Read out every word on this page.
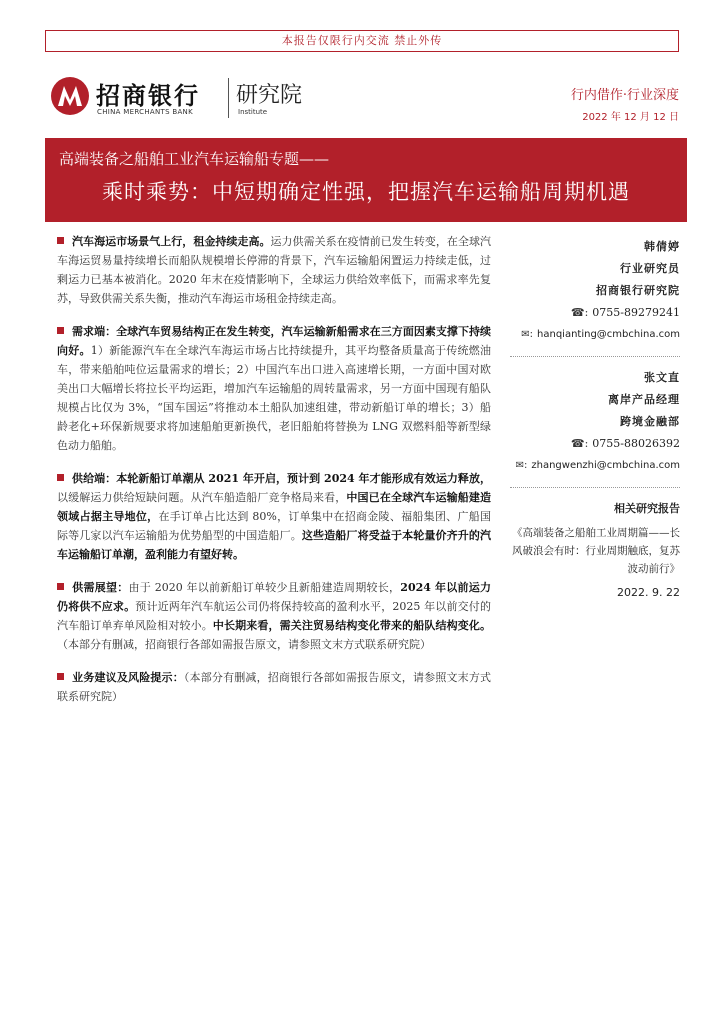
本报告仅限行内交流 禁止外传
招商银行
CHINA MERCHANTS BANK
研究院
Institute
行内借作·行业深度
2022 年 12 月 12 日
高端装备之船舶工业汽车运输船专题——
乘时乘势：中短期确定性强，把握汽车运输船周期机遇

汽车海运市场景气上行，租金持续走高。运力供需关系在疫情前已发生转变，在全球汽车海运贸易量持续增长而船队规模增长停滞的背景下，汽车运输船闲置运力持续走低，过剩运力已基本被消化。2020 年末在疫情影响下，全球运力供给效率低下，而需求率先复苏，导致供需关系失衡，推动汽车海运市场租金持续走高。

需求端：全球汽车贸易结构正在发生转变，汽车运输新船需求在三方面因素支撑下持续向好。1）新能源汽车在全球汽车海运市场占比持续提升，其平均整备质量高于传统燃油车，带来船舶吨位运量需求的增长；2）中国汽车出口进入高速增长期，一方面中国对欧美出口大幅增长将拉长平均运距，增加汽车运输船的周转量需求，另一方面中国现有船队规模占比仅为 3%，“国车国运”将推动本土船队加速组建，带动新船订单的增长；3）船龄老化+环保新规要求将加速船舶更新换代，老旧船舶将替换为 LNG 双燃料船等新型绿色动力船舶。

供给端：本轮新船订单潮从 2021 年开启，预计到 2024 年才能形成有效运力释放，以缓解运力供给短缺问题。从汽车船造船厂竞争格局来看，中国已在全球汽车运输船建造领域占据主导地位，在手订单占比达到 80%，订单集中在招商金陵、福船集团、广船国际等几家以汽车运输船为优势船型的中国造船厂。这些造船厂将受益于本轮量价齐升的汽车运输船订单潮，盈利能力有望好转。

供需展望：由于 2020 年以前新船订单较少且新船建造周期较长，2024 年以前运力仍将供不应求。预计近两年汽车航运公司仍将保持较高的盈利水平，2025 年以前交付的汽车船订单弃单风险相对较小。中长期来看，需关注贸易结构变化带来的船队结构变化。（本部分有删减，招商银行各部如需报告原文，请参照文末方式联系研究院）

业务建议及风险提示：（本部分有删减，招商银行各部如需报告原文，请参照文末方式联系研究院）

韩倩婷
行业研究员
招商银行研究院
☎: 0755-89279241
✉: hanqianting@cmbchina.com
张文直
离岸产品经理
跨境金融部
☎: 0755-88026392
✉: zhangwenzhi@cmbchina.com
相关研究报告
《高端装备之船舶工业周期篇——长风破浪会有时：行业周期触底，复苏波动前行》
2022. 9. 22
